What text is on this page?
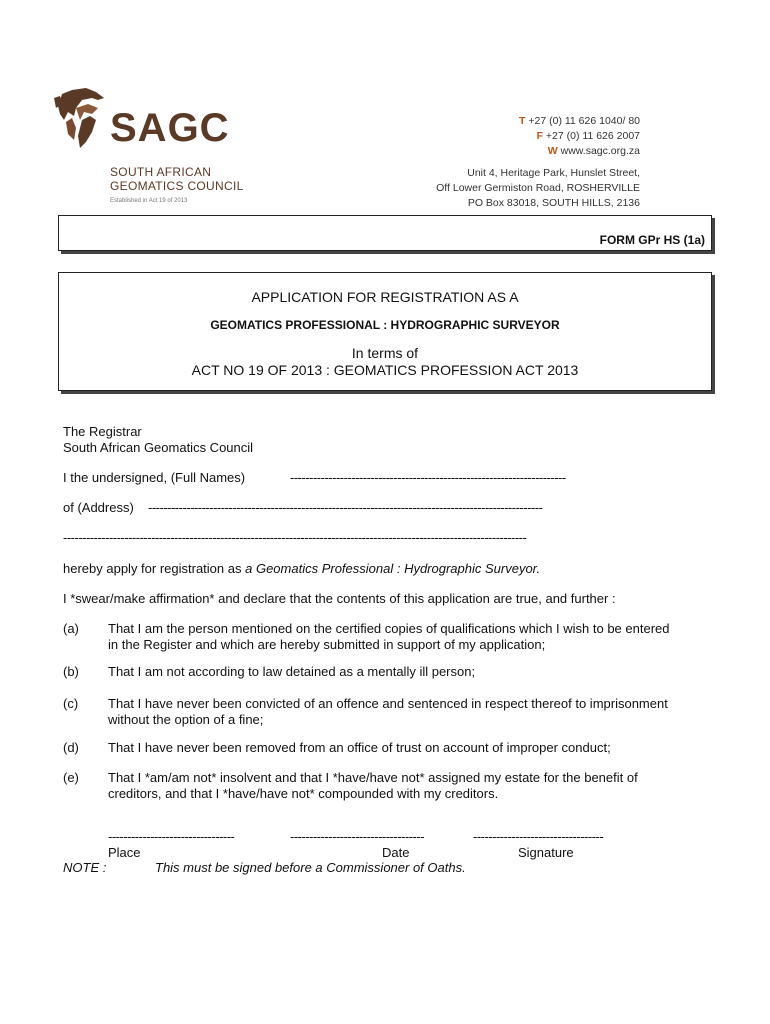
SAGC
SOUTH AFRICAN
GEOMATICS COUNCIL
Established in Act 19 of 2013
T +27 (0) 11 626 1040/ 80
F +27 (0) 11 626 2007
W www.sagc.org.za
Unit 4, Heritage Park, Hunslet Street,
Off Lower Germiston Road, ROSHERVILLE
PO Box 83018, SOUTH HILLS, 2136
FORM GPr HS (1a)
APPLICATION FOR REGISTRATION AS A
GEOMATICS PROFESSIONAL : HYDROGRAPHIC SURVEYOR
In terms of
ACT NO 19 OF 2013 : GEOMATICS PROFESSION ACT 2013
The Registrar
South African Geomatics Council
I the undersigned, (Full Names)	------------------------------------------------------------------------
of (Address) -------------------------------------------------------------------------------------------------------
-------------------------------------------------------------------------------------------------------------------------
hereby apply for registration as a Geomatics Professional : Hydrographic Surveyor.
I *swear/make affirmation* and declare that the contents of this application are true, and further :
(a) That I am the person mentioned on the certified copies of qualifications which I wish to be entered
in the Register and which are hereby submitted in support of my application;
(b) That I am not according to law detained as a mentally ill person;
(c) That I have never been convicted of an offence and sentenced in respect thereof to imprisonment
without the option of a fine;
(d) That I have never been removed from an office of trust on account of improper conduct;
(e) That I *am/am not* insolvent and that I *have/have not* assigned my estate for the benefit of
creditors, and that I *have/have not* compounded with my creditors.
---------------------------------	-----------------------------------	----------------------------------
Place	Date	Signature
NOTE :	This must be signed before a Commissioner of Oaths.
